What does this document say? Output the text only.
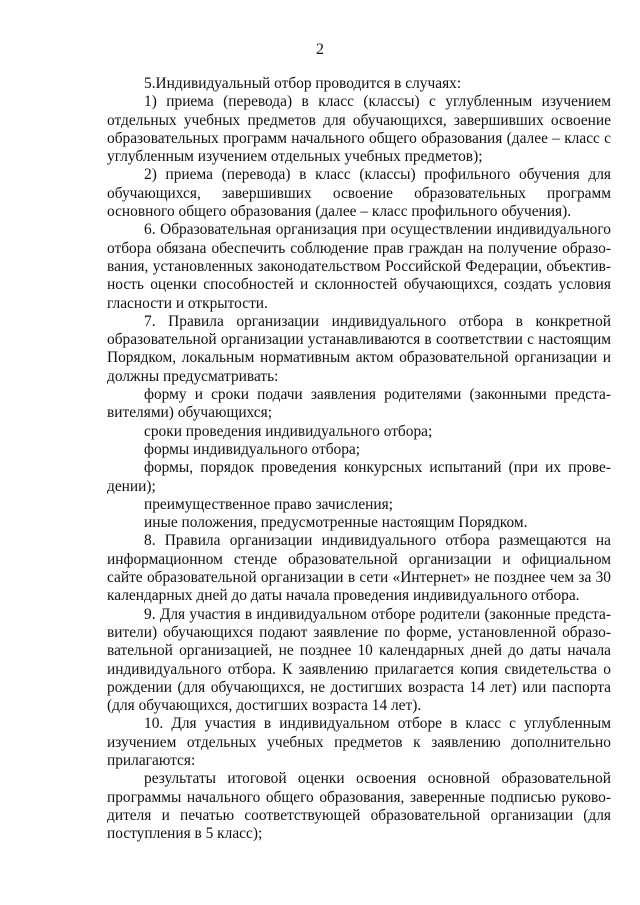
2

5.Индивидуальный отбор проводится в случаях:

1) приема (перевода) в класс (классы) с углубленным изучением отдельных учебных предметов для обучающихся, завершивших освоение образовательных программ начального общего образования (далее – класс с углубленным изучением отдельных учебных предметов);

2) приема (перевода) в класс (классы) профильного обучения для обучающихся, завершивших освоение образовательных программ основного общего образования (далее – класс профильного обучения).

6. Образовательная организация при осуществлении индивидуального отбора обязана обеспечить соблюдение прав граждан на получение образования, установленных законодательством Российской Федерации, объективность оценки способностей и склонностей обучающихся, создать условия гласности и открытости.

7. Правила организации индивидуального отбора в конкретной образовательной организации устанавливаются в соответствии с настоящим Порядком, локальным нормативным актом образовательной организации и должны предусматривать:

форму и сроки подачи заявления родителями (законными представителями) обучающихся;

сроки проведения индивидуального отбора;

формы индивидуального отбора;

формы, порядок проведения конкурсных испытаний (при их проведении);

преимущественное право зачисления;

иные положения, предусмотренные настоящим Порядком.

8. Правила организации индивидуального отбора размещаются на информационном стенде образовательной организации и официальном сайте образовательной организации в сети «Интернет» не позднее чем за 30 календарных дней до даты начала проведения индивидуального отбора.

9. Для участия в индивидуальном отборе родители (законные представители) обучающихся подают заявление по форме, установленной образовательной организацией, не позднее 10 календарных дней до даты начала индивидуального отбора. К заявлению прилагается копия свидетельства о рождении (для обучающихся, не достигших возраста 14 лет) или паспорта (для обучающихся, достигших возраста 14 лет).

10. Для участия в индивидуальном отборе в класс с углубленным изучением отдельных учебных предметов к заявлению дополнительно прилагаются:

результаты итоговой оценки освоения основной образовательной программы начального общего образования, заверенные подписью руководителя и печатью соответствующей образовательной организации (для поступления в 5 класс);
